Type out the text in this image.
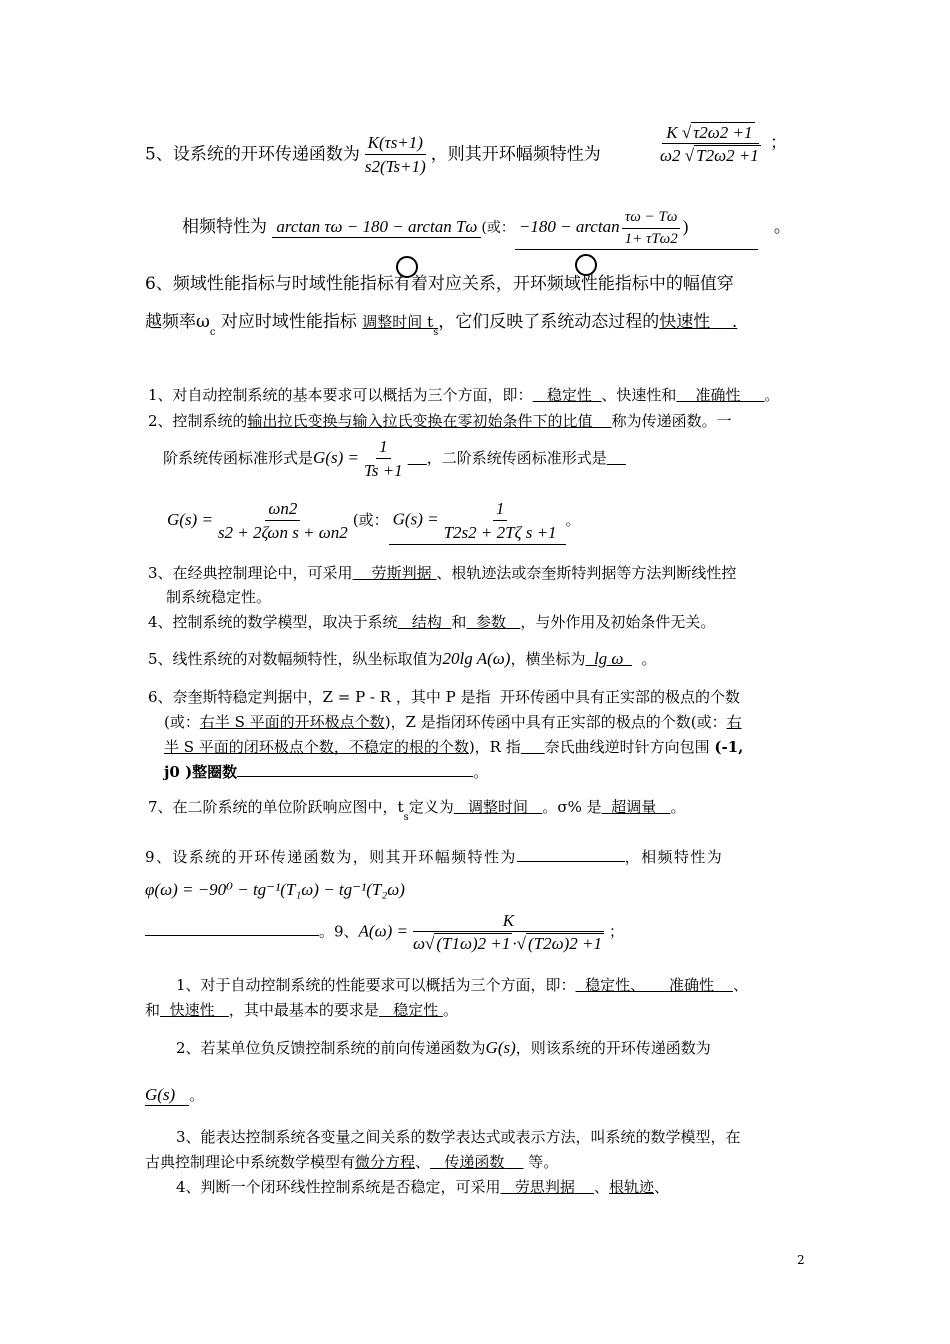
5、设系统的开环传递函数为 $\frac{K(\tau s+1)}{s2(Ts+1)}$ ，则其开环幅频特性为	$\frac{K √ \tau 2\omega 2 +1}{\omega 2 √ T2\omega 2 +1}$ ；
相频特性为 arctan τω − 180 − arctan Tω (或： $-180 - \arctan \frac{\tau\omega - T\omega}{\text{1+ τTω2}}$ )	。
6、频域性能指标与时域性能指标有着对应关系，开环频域性能指标中的幅值穿
越频率$\omega_c$ 对应时域性能指标 调整时间 $t_s$，它们反映了系统动态过程的快速性 .
1、对自动控制系统的基本要求可以概括为三个方面，即： 稳定性 、快速性和 准确性 。
2、控制系统的输出拉氏变换与输入拉氏变换在零初始条件下的比值 称为传递函数。一
阶系统传函标准形式是$G(s) = \frac{1}{Ts +1}$ ，二阶系统传函标准形式是
$G(s) = \frac{\omega n2}{\text{s2 + 2ζωn s + ωn2}}$ (或： $G(s) = \frac{1}{\text{T2s2 + 2Tζ s +1}}$ 。
3、在经典控制理论中，可采用 劳斯判据 、根轨迹法或奈奎斯特判据等方法判断线性控
制系统稳定性。
4、控制系统的数学模型，取决于系统 结构 和 参数 ，与外作用及初始条件无关。
5、线性系统的对数幅频特性，纵坐标取值为20lg A(ω)，横坐标为 lg ω 。
6、奈奎斯特稳定判据中，Z = P - R ，其中 P 是指 开环传函中具有正实部的极点的个数
(或：右半 S 平面的开环极点个数)，Z 是指闭环传函中具有正实部的极点的个数(或：右
半 S 平面的闭环极点个数，不稳定的根的个数)，R 指 奈氏曲线逆时针方向包围 (-1,
j0 )整圈数	。
7、在二阶系统的单位阶跃响应图中，$t_s$定义为 调整时间 。σ% 是 超调量 。
9、设系统的开环传递函数为，则其开环幅频特性为	，相频特性为
φ(ω) = −90⁰ − tg⁻¹(T₁ω) − tg⁻¹(T₂ω)
。9、$A(\omega) = \frac{K}{\omega√ (T1\omega)2 +1 \cdot√ (T2\omega)2 +1}$ ；
1、对于自动控制系统的性能要求可以概括为三个方面，即： 稳定性、 准确性 、
和 快速性 ，其中最基本的要求是 稳定性 。
2、若某单位负反馈控制系统的前向传递函数为G(s)，则该系统的开环传递函数为
G(s) 。
3、能表达控制系统各变量之间关系的数学表达式或表示方法，叫系统的数学模型，在
古典控制理论中系统数学模型有微分方程、 传递函数 等。
4、判断一个闭环线性控制系统是否稳定，可采用 劳思判据 、根轨迹、
2
